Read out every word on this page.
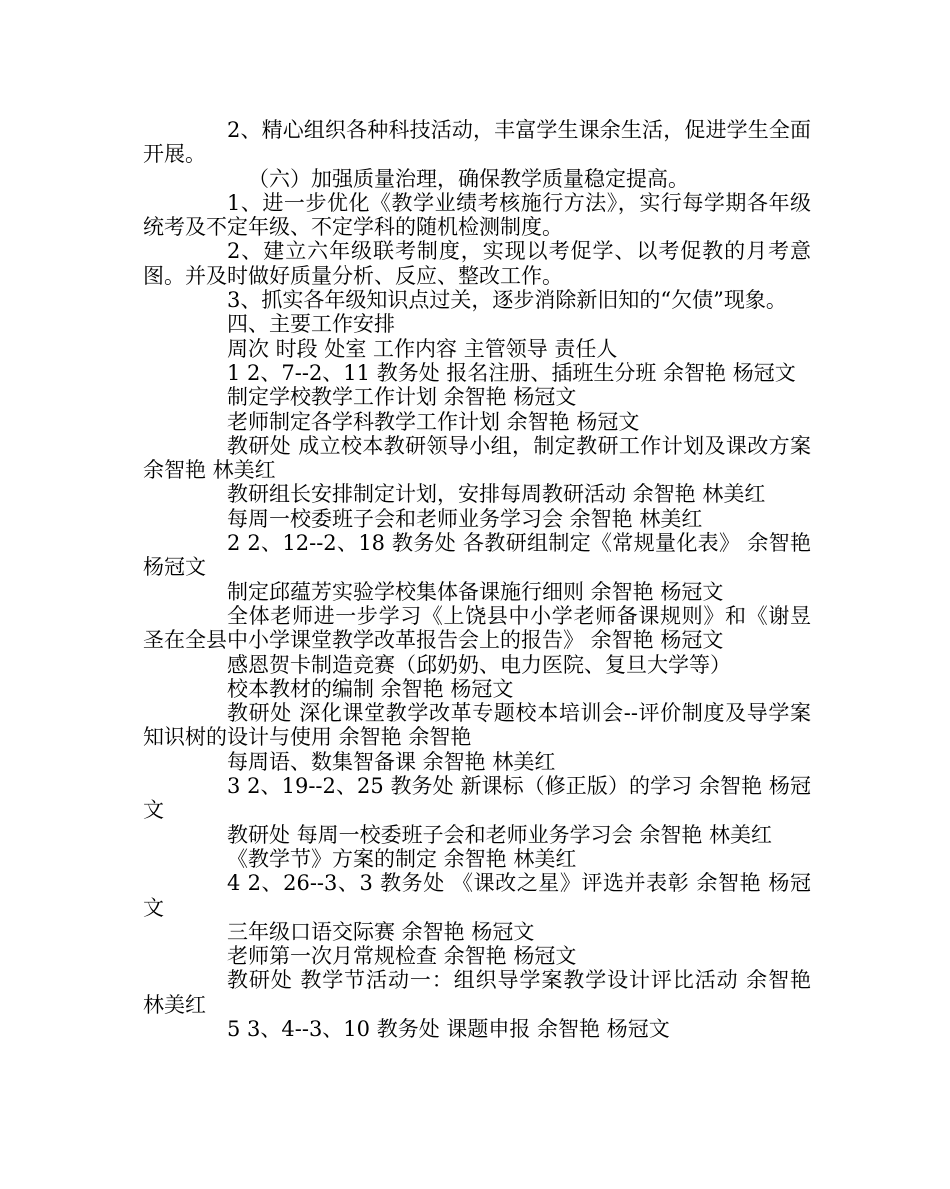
2、精心组织各种科技活动，丰富学生课余生活，促进学生全面开展。

（六）加强质量治理，确保教学质量稳定提高。

1、进一步优化《教学业绩考核施行方法》，实行每学期各年级统考及不定年级、不定学科的随机检测制度。

2、建立六年级联考制度，实现以考促学、以考促教的月考意图。并及时做好质量分析、反应、整改工作。

3、抓实各年级知识点过关，逐步消除新旧知的“欠债”现象。

四、主要工作安排

周次 时段 处室 工作内容 主管领导 责任人

1 2、7--2、11 教务处 报名注册、插班生分班 余智艳 杨冠文

制定学校教学工作计划 余智艳 杨冠文

老师制定各学科教学工作计划 余智艳 杨冠文

教研处 成立校本教研领导小组，制定教研工作计划及课改方案 余智艳 林美红

教研组长安排制定计划，安排每周教研活动 余智艳 林美红

每周一校委班子会和老师业务学习会 余智艳 林美红

2 2、12--2、18 教务处 各教研组制定《常规量化表》 余智艳 杨冠文

制定邱蕴芳实验学校集体备课施行细则 余智艳 杨冠文

全体老师进一步学习《上饶县中小学老师备课规则》和《谢昱圣在全县中小学课堂教学改革报告会上的报告》 余智艳 杨冠文

感恩贺卡制造竞赛（邱奶奶、电力医院、复旦大学等）

校本教材的编制 余智艳 杨冠文

教研处 深化课堂教学改革专题校本培训会--评价制度及导学案知识树的设计与使用 余智艳 余智艳

每周语、数集智备课 余智艳 林美红

3 2、19--2、25 教务处 新课标（修正版）的学习 余智艳 杨冠文

教研处 每周一校委班子会和老师业务学习会 余智艳 林美红

《教学节》方案的制定 余智艳 林美红

4 2、26--3、3 教务处 《课改之星》评选并表彰 余智艳 杨冠文

三年级口语交际赛 余智艳 杨冠文

老师第一次月常规检查 余智艳 杨冠文

教研处 教学节活动一：组织导学案教学设计评比活动 余智艳 林美红

5 3、4--3、10 教务处 课题申报 余智艳 杨冠文
